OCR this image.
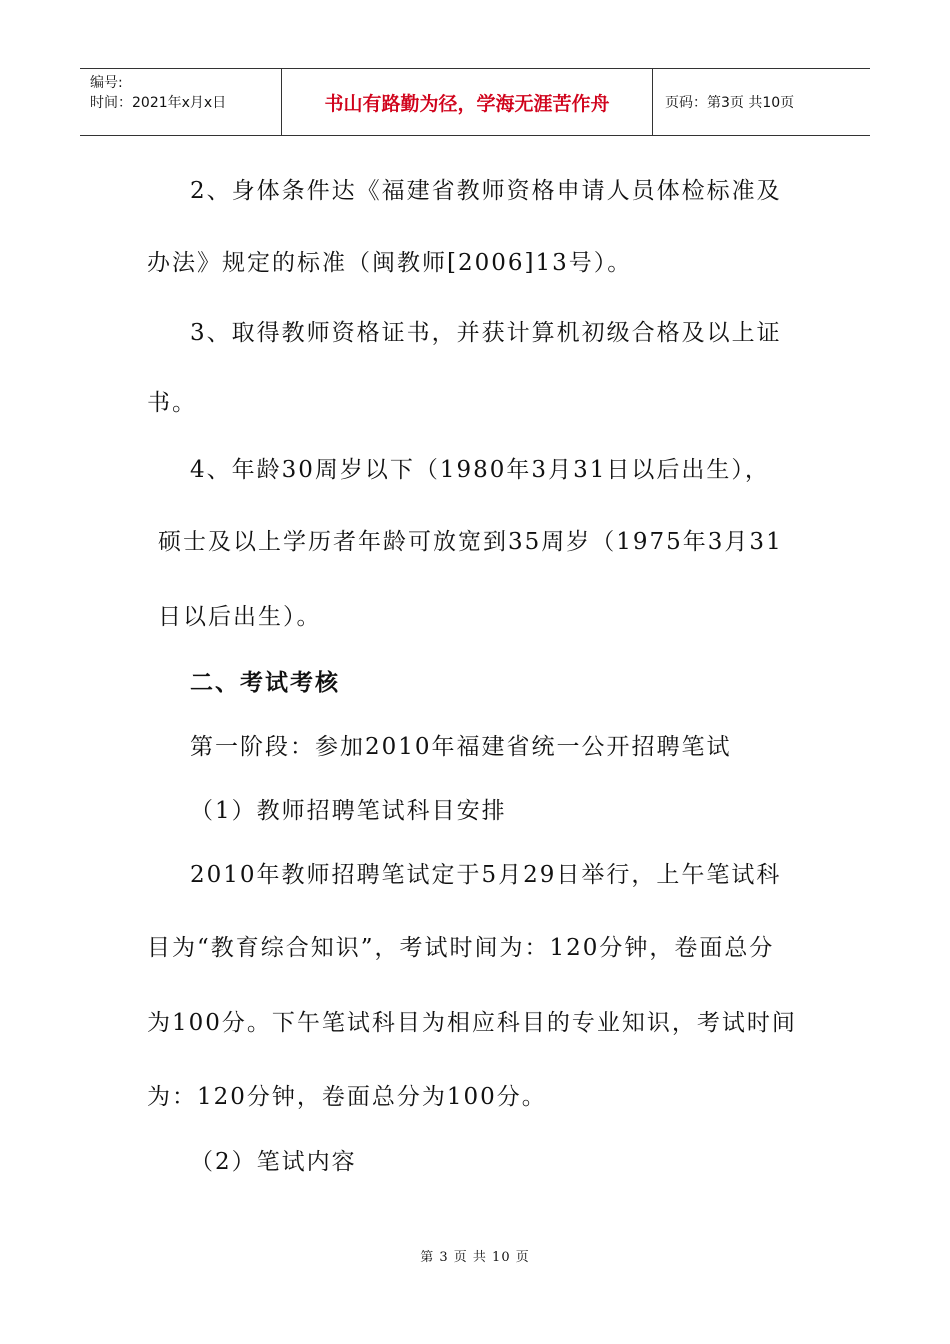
编号:
时间：2021年x月x日	书山有路勤为径，学海无涯苦作舟	页码：第3页 共10页
2、身体条件达《福建省教师资格申请人员体检标准及
办法》规定的标准（闽教师[2006]13号）。
3、取得教师资格证书，并获计算机初级合格及以上证
书。
4、年龄30周岁以下（1980年3月31日以后出生），
硕士及以上学历者年龄可放宽到35周岁（1975年3月31
日以后出生）。
二、考试考核
第一阶段：参加2010年福建省统一公开招聘笔试
（1）教师招聘笔试科目安排
2010年教师招聘笔试定于5月29日举行，上午笔试科
目为“教育综合知识”，考试时间为：120分钟，卷面总分
为100分。下午笔试科目为相应科目的专业知识，考试时间
为：120分钟，卷面总分为100分。
（2）笔试内容
第 3 页 共 10 页
